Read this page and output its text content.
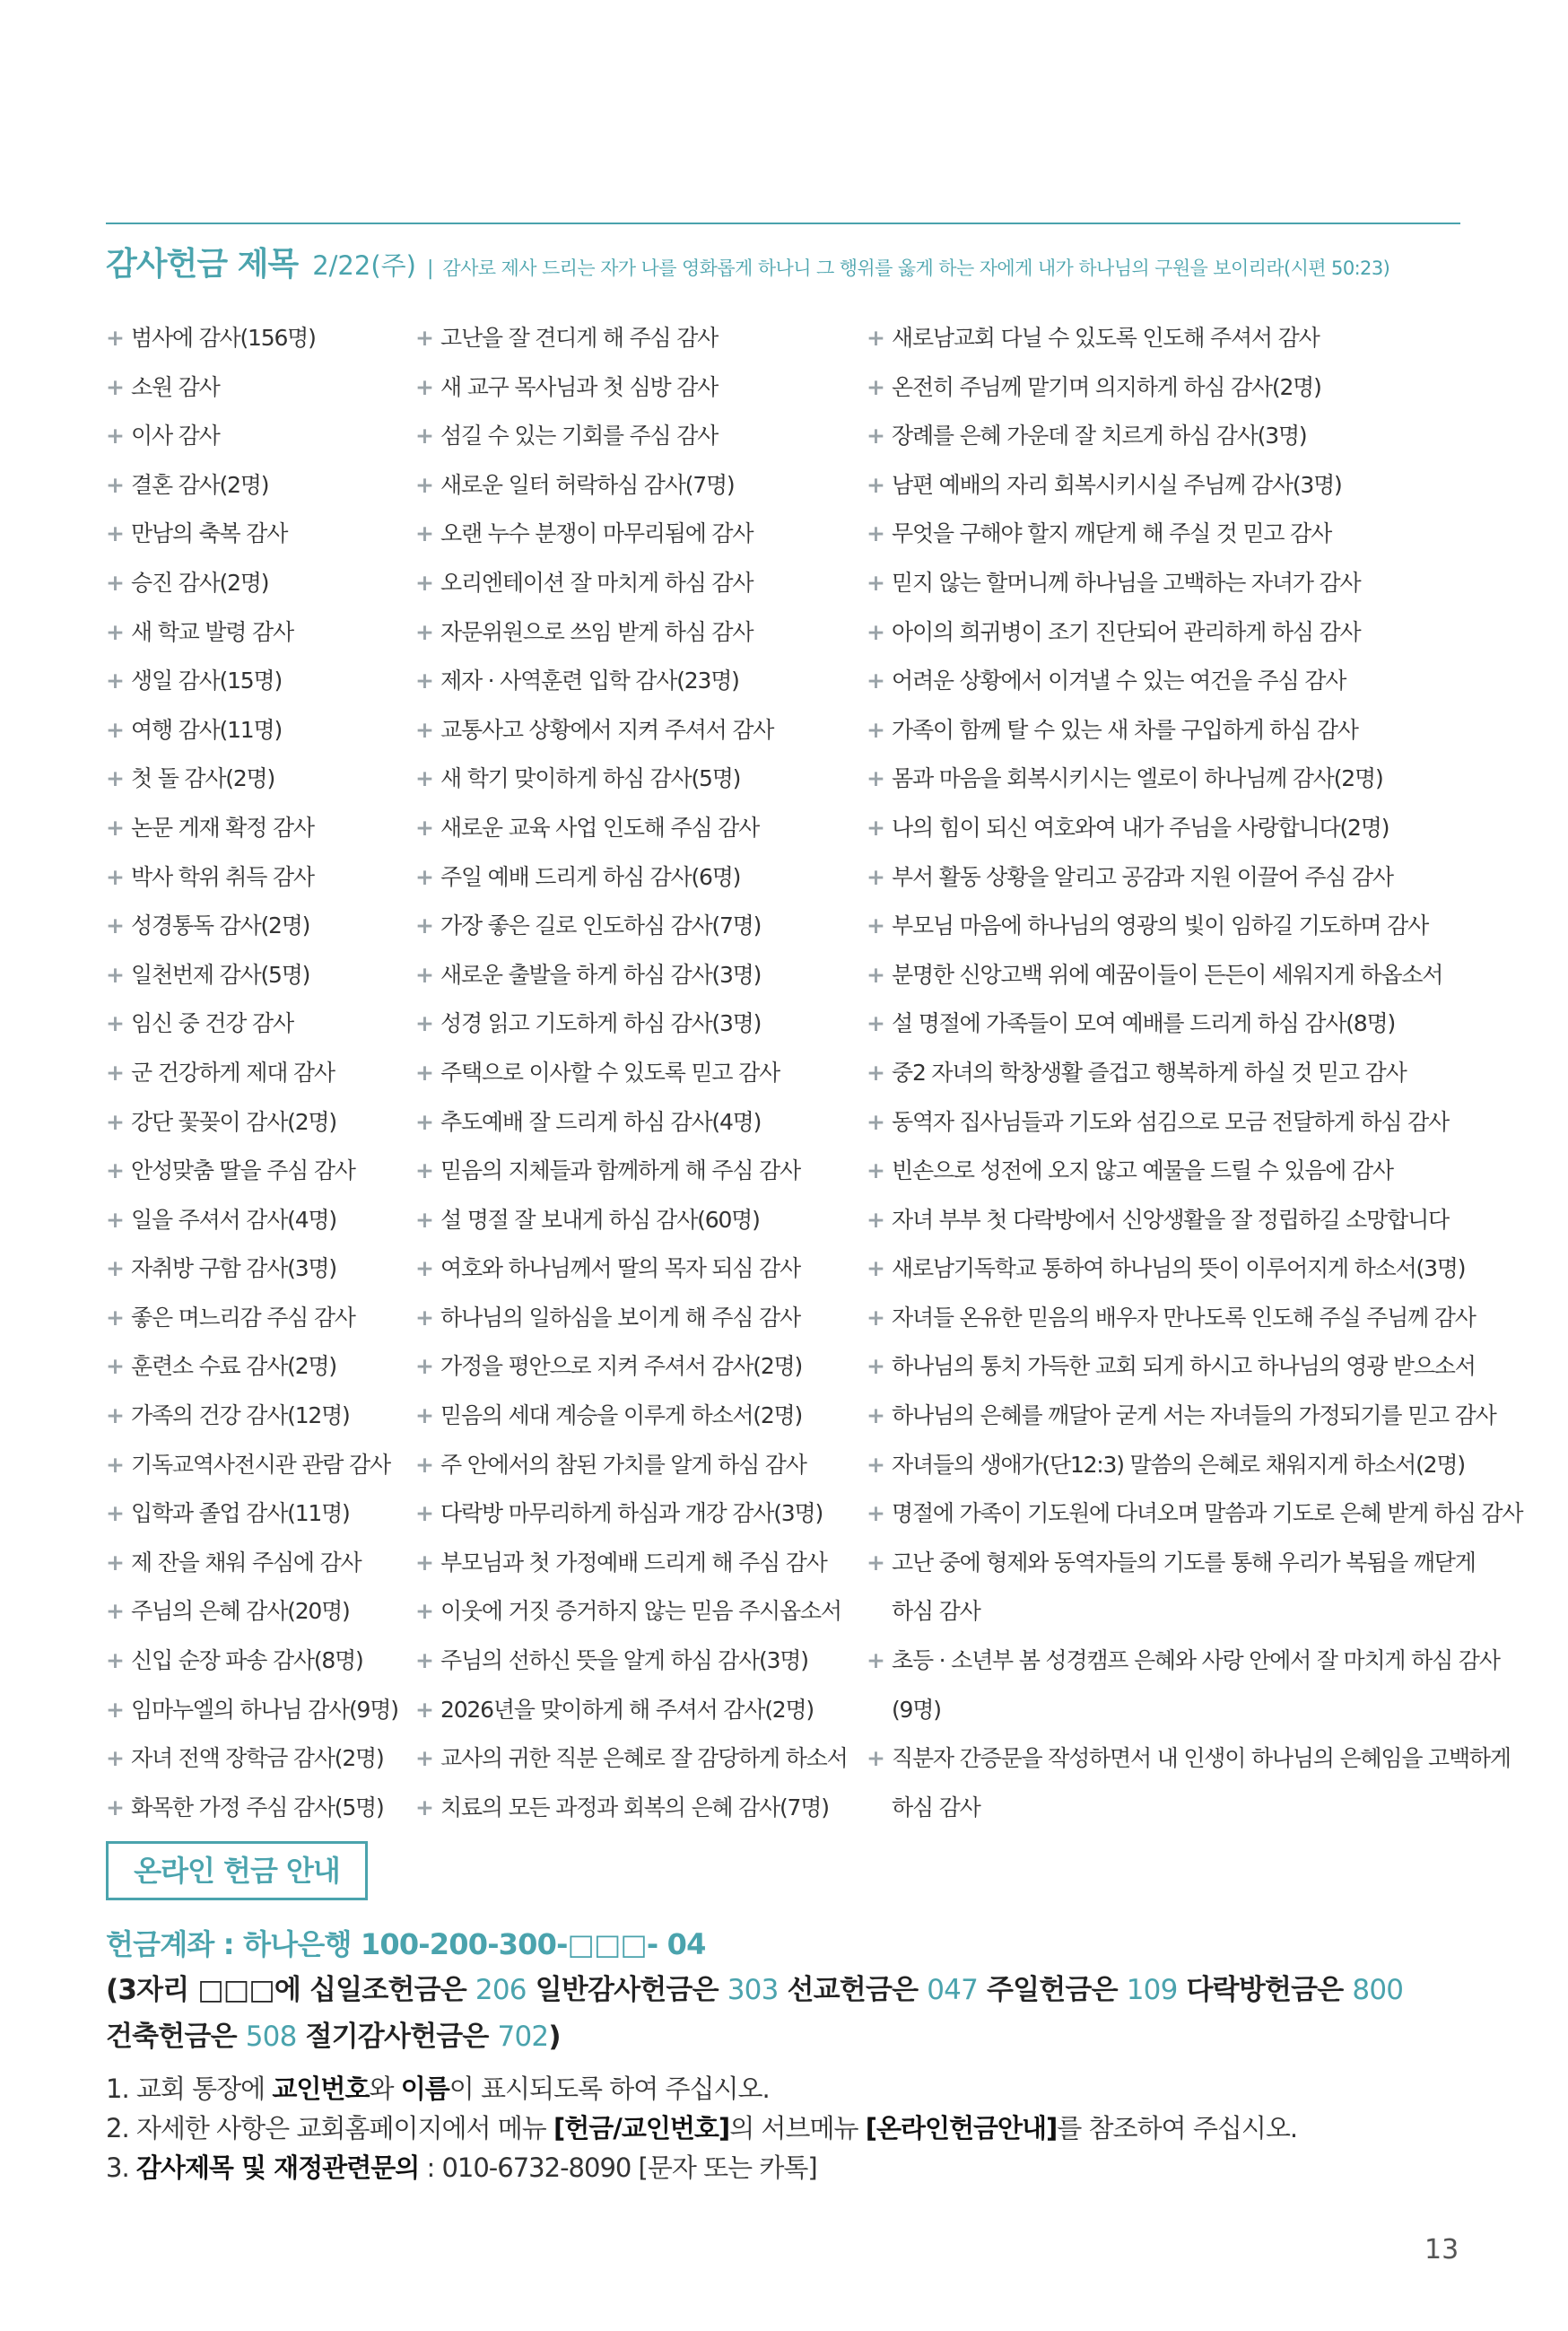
감사헌금 제목 2/22(주) | 감사로 제사 드리는 자가 나를 영화롭게 하나니 그 행위를 옳게 하는 자에게 내가 하나님의 구원을 보이리라(시편 50:23)
+ 범사에 감사(156명)
+ 소원 감사
+ 이사 감사
+ 결혼 감사(2명)
+ 만남의 축복 감사
+ 승진 감사(2명)
+ 새 학교 발령 감사
+ 생일 감사(15명)
+ 여행 감사(11명)
+ 첫 돌 감사(2명)
+ 논문 게재 확정 감사
+ 박사 학위 취득 감사
+ 성경통독 감사(2명)
+ 일천번제 감사(5명)
+ 임신 중 건강 감사
+ 군 건강하게 제대 감사
+ 강단 꽃꽂이 감사(2명)
+ 안성맞춤 딸을 주심 감사
+ 일을 주셔서 감사(4명)
+ 자취방 구함 감사(3명)
+ 좋은 며느리감 주심 감사
+ 훈련소 수료 감사(2명)
+ 가족의 건강 감사(12명)
+ 기독교역사전시관 관람 감사
+ 입학과 졸업 감사(11명)
+ 제 잔을 채워 주심에 감사
+ 주님의 은혜 감사(20명)
+ 신입 순장 파송 감사(8명)
+ 임마누엘의 하나님 감사(9명)
+ 자녀 전액 장학금 감사(2명)
+ 화목한 가정 주심 감사(5명)
+ 고난을 잘 견디게 해 주심 감사
+ 새 교구 목사님과 첫 심방 감사
+ 섬길 수 있는 기회를 주심 감사
+ 새로운 일터 허락하심 감사(7명)
+ 오랜 누수 분쟁이 마무리됨에 감사
+ 오리엔테이션 잘 마치게 하심 감사
+ 자문위원으로 쓰임 받게 하심 감사
+ 제자 · 사역훈련 입학 감사(23명)
+ 교통사고 상황에서 지켜 주셔서 감사
+ 새 학기 맞이하게 하심 감사(5명)
+ 새로운 교육 사업 인도해 주심 감사
+ 주일 예배 드리게 하심 감사(6명)
+ 가장 좋은 길로 인도하심 감사(7명)
+ 새로운 출발을 하게 하심 감사(3명)
+ 성경 읽고 기도하게 하심 감사(3명)
+ 주택으로 이사할 수 있도록 믿고 감사
+ 추도예배 잘 드리게 하심 감사(4명)
+ 믿음의 지체들과 함께하게 해 주심 감사
+ 설 명절 잘 보내게 하심 감사(60명)
+ 여호와 하나님께서 딸의 목자 되심 감사
+ 하나님의 일하심을 보이게 해 주심 감사
+ 가정을 평안으로 지켜 주셔서 감사(2명)
+ 믿음의 세대 계승을 이루게 하소서(2명)
+ 주 안에서의 참된 가치를 알게 하심 감사
+ 다락방 마무리하게 하심과 개강 감사(3명)
+ 부모님과 첫 가정예배 드리게 해 주심 감사
+ 이웃에 거짓 증거하지 않는 믿음 주시옵소서
+ 주님의 선하신 뜻을 알게 하심 감사(3명)
+ 2026년을 맞이하게 해 주셔서 감사(2명)
+ 교사의 귀한 직분 은혜로 잘 감당하게 하소서
+ 치료의 모든 과정과 회복의 은혜 감사(7명)
+ 새로남교회 다닐 수 있도록 인도해 주셔서 감사
+ 온전히 주님께 맡기며 의지하게 하심 감사(2명)
+ 장례를 은혜 가운데 잘 치르게 하심 감사(3명)
+ 남편 예배의 자리 회복시키시실 주님께 감사(3명)
+ 무엇을 구해야 할지 깨닫게 해 주실 것 믿고 감사
+ 믿지 않는 할머니께 하나님을 고백하는 자녀가 감사
+ 아이의 희귀병이 조기 진단되어 관리하게 하심 감사
+ 어려운 상황에서 이겨낼 수 있는 여건을 주심 감사
+ 가족이 함께 탈 수 있는 새 차를 구입하게 하심 감사
+ 몸과 마음을 회복시키시는 엘로이 하나님께 감사(2명)
+ 나의 힘이 되신 여호와여 내가 주님을 사랑합니다(2명)
+ 부서 활동 상황을 알리고 공감과 지원 이끌어 주심 감사
+ 부모님 마음에 하나님의 영광의 빛이 임하길 기도하며 감사
+ 분명한 신앙고백 위에 예꿈이들이 든든이 세워지게 하옵소서
+ 설 명절에 가족들이 모여 예배를 드리게 하심 감사(8명)
+ 중2 자녀의 학창생활 즐겁고 행복하게 하실 것 믿고 감사
+ 동역자 집사님들과 기도와 섬김으로 모금 전달하게 하심 감사
+ 빈손으로 성전에 오지 않고 예물을 드릴 수 있음에 감사
+ 자녀 부부 첫 다락방에서 신앙생활을 잘 정립하길 소망합니다
+ 새로남기독학교 통하여 하나님의 뜻이 이루어지게 하소서(3명)
+ 자녀들 온유한 믿음의 배우자 만나도록 인도해 주실 주님께 감사
+ 하나님의 통치 가득한 교회 되게 하시고 하나님의 영광 받으소서
+ 하나님의 은혜를 깨달아 굳게 서는 자녀들의 가정되기를 믿고 감사
+ 자녀들의 생애가(단12:3) 말씀의 은혜로 채워지게 하소서(2명)
+ 명절에 가족이 기도원에 다녀오며 말씀과 기도로 은혜 받게 하심 감사
+ 고난 중에 형제와 동역자들의 기도를 통해 우리가 복됨을 깨닫게
하심 감사
+ 초등 · 소년부 봄 성경캠프 은혜와 사랑 안에서 잘 마치게 하심 감사
(9명)
+ 직분자 간증문을 작성하면서 내 인생이 하나님의 은혜임을 고백하게
하심 감사
온라인 헌금 안내
헌금계좌 : 하나은행 100-200-300-□□□- 04
(3자리 □□□에 십일조헌금은 206 일반감사헌금은 303 선교헌금은 047 주일헌금은 109 다락방헌금은 800
건축헌금은 508 절기감사헌금은 702)
1. 교회 통장에 교인번호와 이름이 표시되도록 하여 주십시오.
2. 자세한 사항은 교회홈페이지에서 메뉴 [헌금/교인번호]의 서브메뉴 [온라인헌금안내]를 참조하여 주십시오.
3. 감사제목 및 재정관련문의 : 010-6732-8090 [문자 또는 카톡]
13
